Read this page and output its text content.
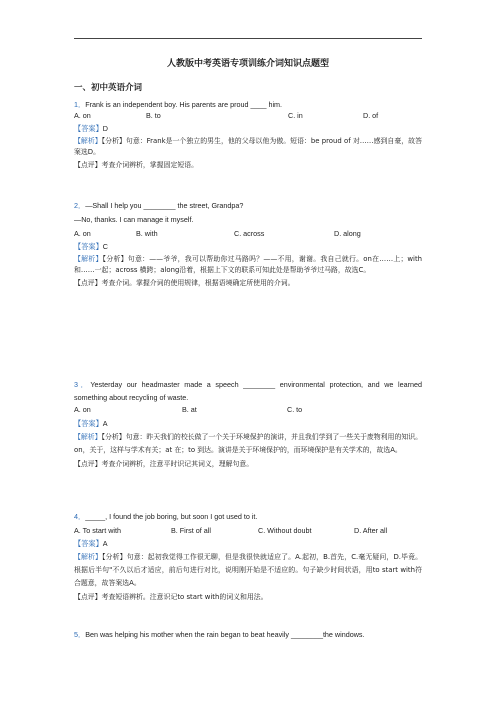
人教版中考英语专项训练介词知识点题型
一、初中英语介词

1．Frank is an independent boy. His parents are proud ____ him.

A. on	B. to	C. in	D. of

【答案】D

【解析】【分析】句意：Frank是一个独立的男生，他的父母以他为傲。短语：be proud of 对……感到自豪，故答案选D。

【点评】考查介词辨析，掌握固定短语。

2．—Shall I help you ________ the street, Grandpa?

—No, thanks. I can manage it myself.

A. on	B. with	C. across	D. along

【答案】C

【解析】【分析】句意：——爷爷，我可以帮助你过马路吗？——不用，谢谢。我自己就行。on在……上；with 和……一起；across 横跨；along沿着，根据上下文的联系可知此处是帮助爷爷过马路，故选C。

【点评】考查介词。掌握介词的使用规律，根据语境确定所使用的介词。

3．Yesterday our headmaster made a speech ________ environmental protection, and we learned something about recycling of waste.

A. on	B. at	C. to

【答案】A

【解析】【分析】句意：昨天我们的校长做了一个关于环境保护的演讲，并且我们学到了一些关于废物利用的知识。on，关于，这样与学术有关；at 在；to 到达。演讲是关于环境保护的，而环境保护是有关学术的，故选A。

【点评】考查介词辨析，注意平时识记其词义，理解句意。

4．_____, I found the job boring, but soon I got used to it.

A. To start with	B. First of all	C. Without doubt	D. After all

【答案】A

【解析】【分析】句意：起初我觉得工作很无聊，但是我很快就适应了。A.起初，B.首先，C.毫无疑问，D.毕竟。根据后半句"不久以后才适应，前后句进行对比，说明刚开始是不适应的。句子缺少时间状语，用to start with符合题意，故答案选A。

【点评】考查短语辨析。注意识记to start with的词义和用法。

5．Ben was helping his mother when the rain began to beat heavily ________the windows.
